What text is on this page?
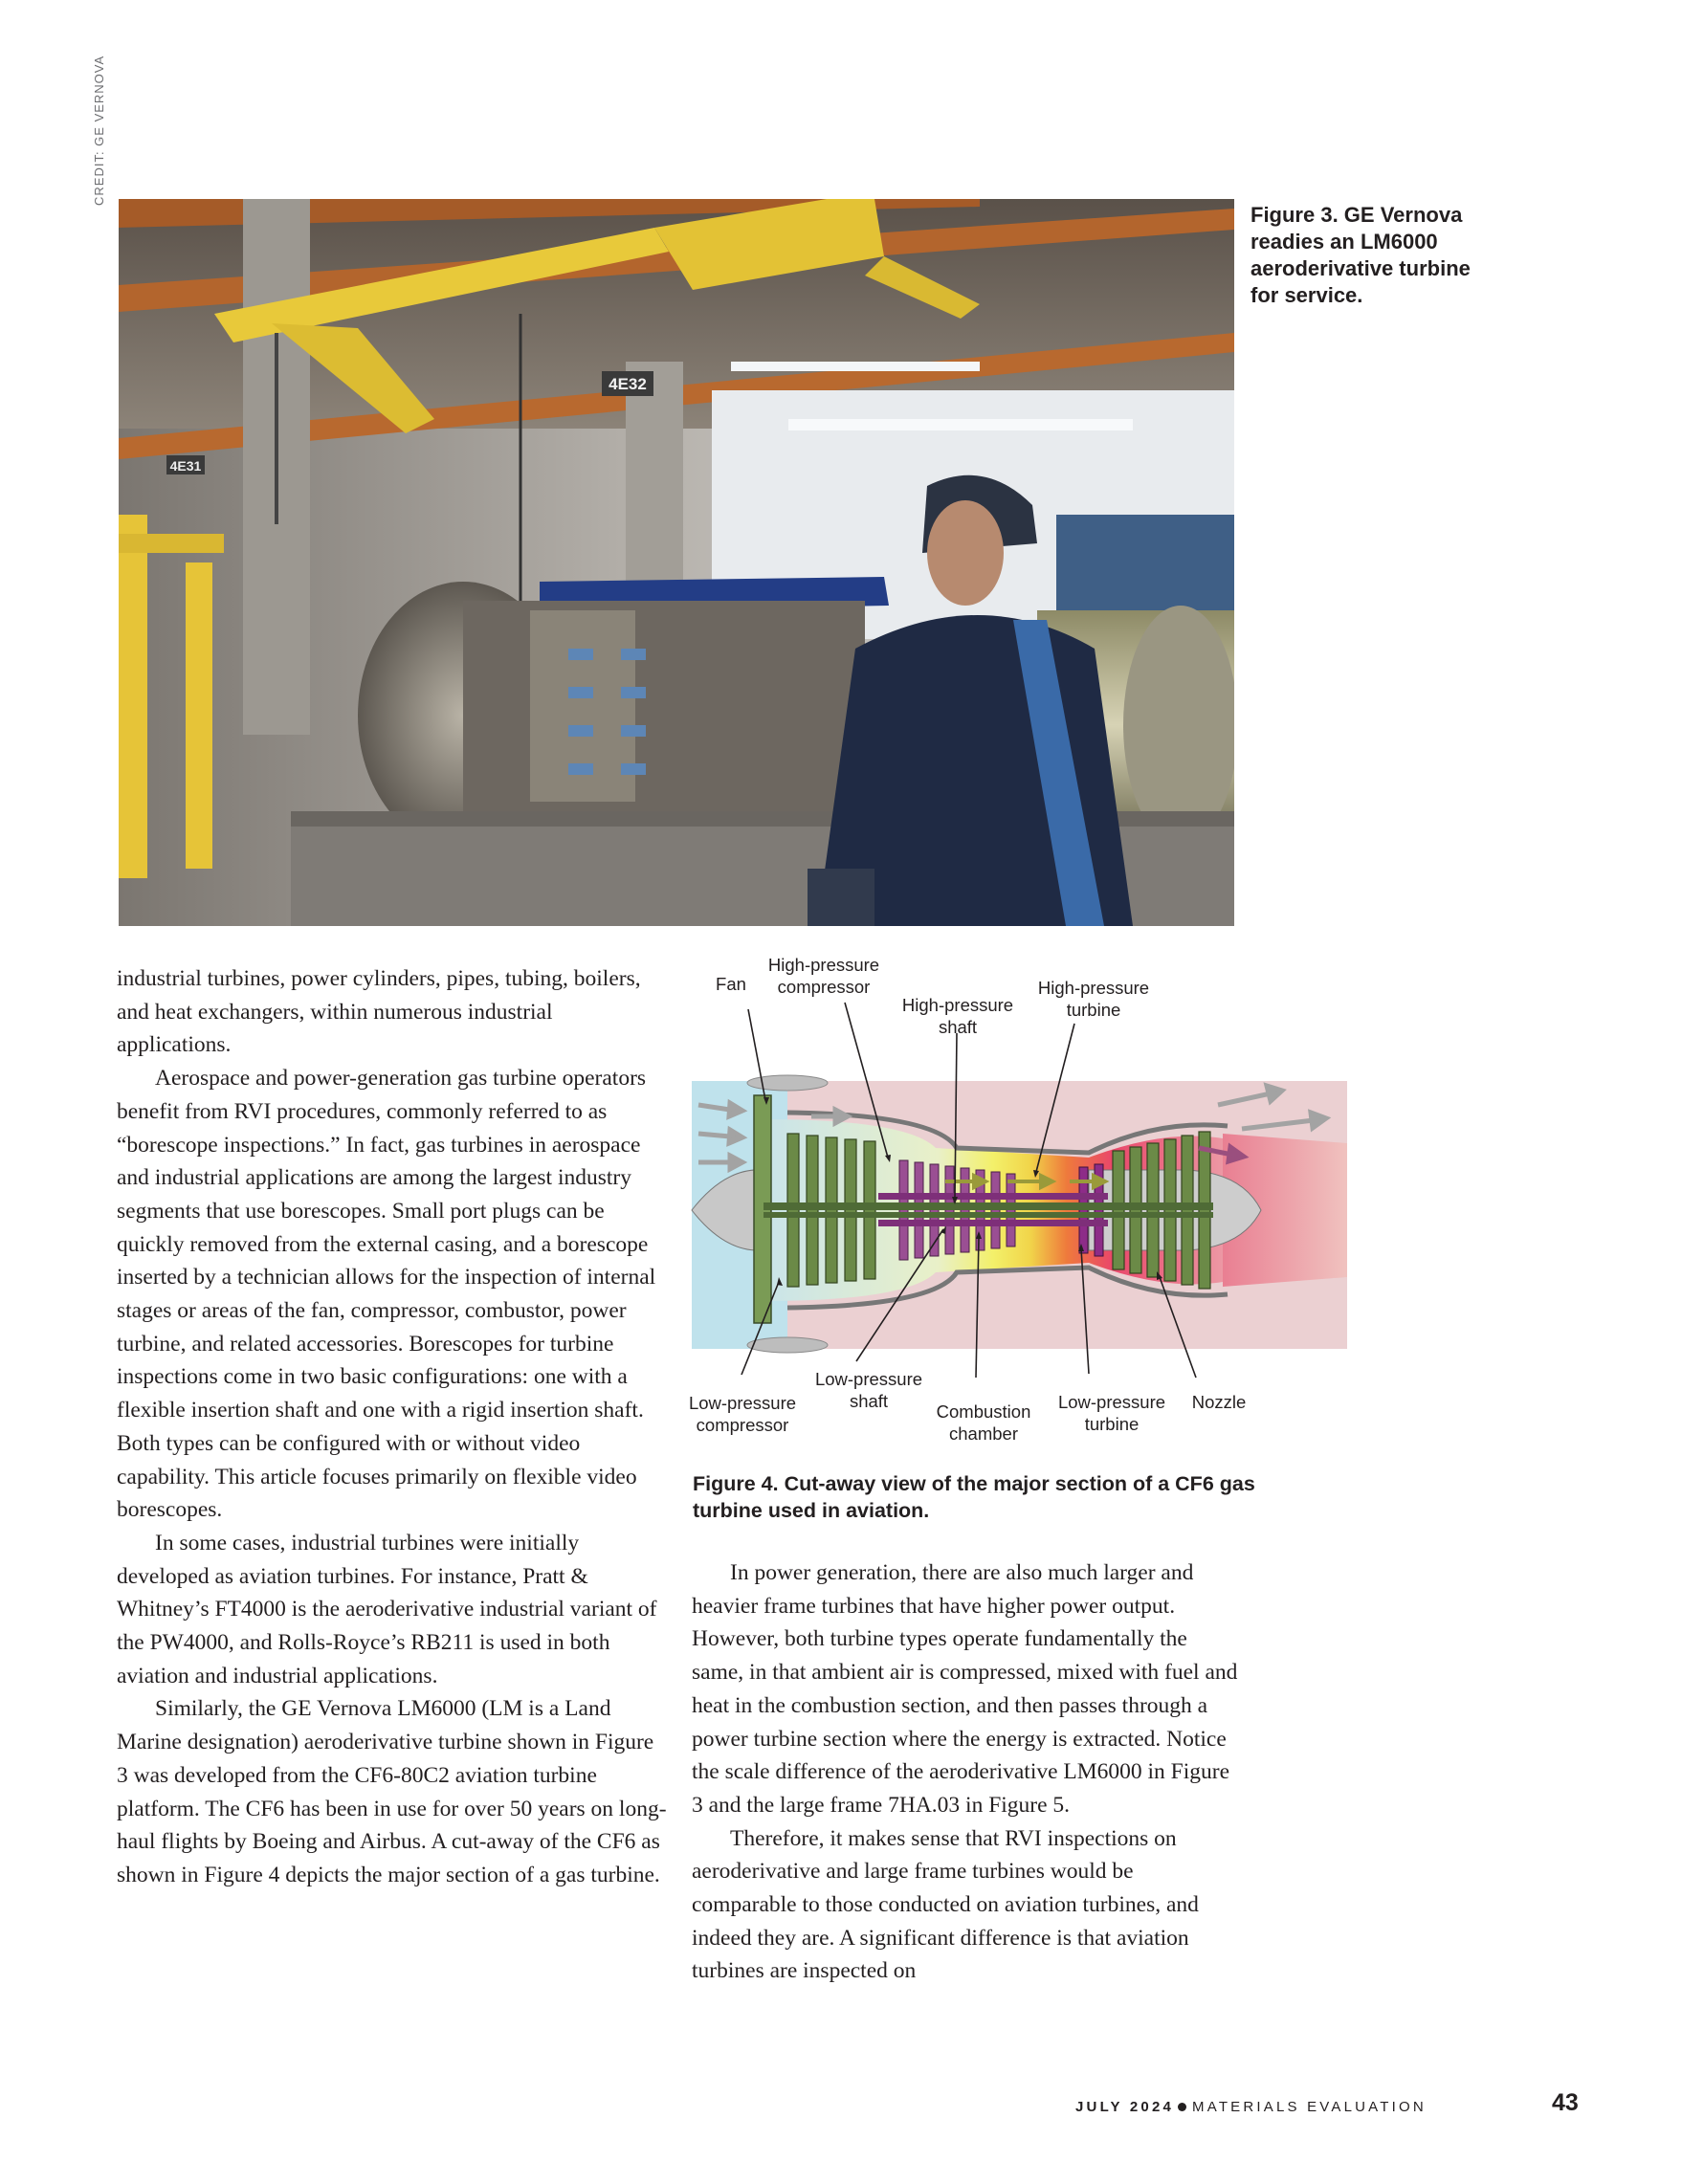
CREDIT: GE VERNOVA
4E32
4E31
Figure 3. GE Vernova readies an LM6000 aeroderivative turbine for service.

industrial turbines, power cylinders, pipes, tubing, boilers, and heat exchangers, within numerous industrial applications.

Aerospace and power-generation gas turbine operators benefit from RVI procedures, commonly referred to as “borescope inspections.” In fact, gas turbines in aerospace and industrial applications are among the largest industry segments that use borescopes. Small port plugs can be quickly removed from the external casing, and a borescope inserted by a technician allows for the inspection of internal stages or areas of the fan, compressor, combustor, power turbine, and related accessories. Borescopes for turbine inspections come in two basic configurations: one with a flexible insertion shaft and one with a rigid insertion shaft. Both types can be configured with or without video capability. This article focuses primarily on flexible video borescopes.

In some cases, industrial turbines were initially developed as aviation turbines. For instance, Pratt & Whitney’s FT4000 is the aeroderivative industrial variant of the PW4000, and Rolls-Royce’s RB211 is used in both aviation and industrial applications.

Similarly, the GE Vernova LM6000 (LM is a Land Marine designation) aeroderivative turbine shown in Figure 3 was developed from the CF6-80C2 aviation turbine platform. The CF6 has been in use for over 50 years on long-haul flights by Boeing and Airbus. A cut-away of the CF6 as shown in Figure 4 depicts the major section of a gas turbine.

Fan
High-pressure
compressor
High-pressure
shaft
High-pressure
turbine
Low-pressure
compressor
Low-pressure
shaft
Combustion
chamber
Low-pressure
turbine
Nozzle
Figure 4. Cut-away view of the major section of a CF6 gas turbine used in aviation.

In power generation, there are also much larger and heavier frame turbines that have higher power output. However, both turbine types operate fundamentally the same, in that ambient air is compressed, mixed with fuel and heat in the combustion section, and then passes through a power turbine section where the energy is extracted. Notice the scale difference of the aeroderivative LM6000 in Figure 3 and the large frame 7HA.03 in Figure 5.

Therefore, it makes sense that RVI inspections on aeroderivative and large frame turbines would be comparable to those conducted on aviation turbines, and indeed they are. A significant difference is that aviation turbines are inspected on

JULY 2024 MATERIALS EVALUATION	43
